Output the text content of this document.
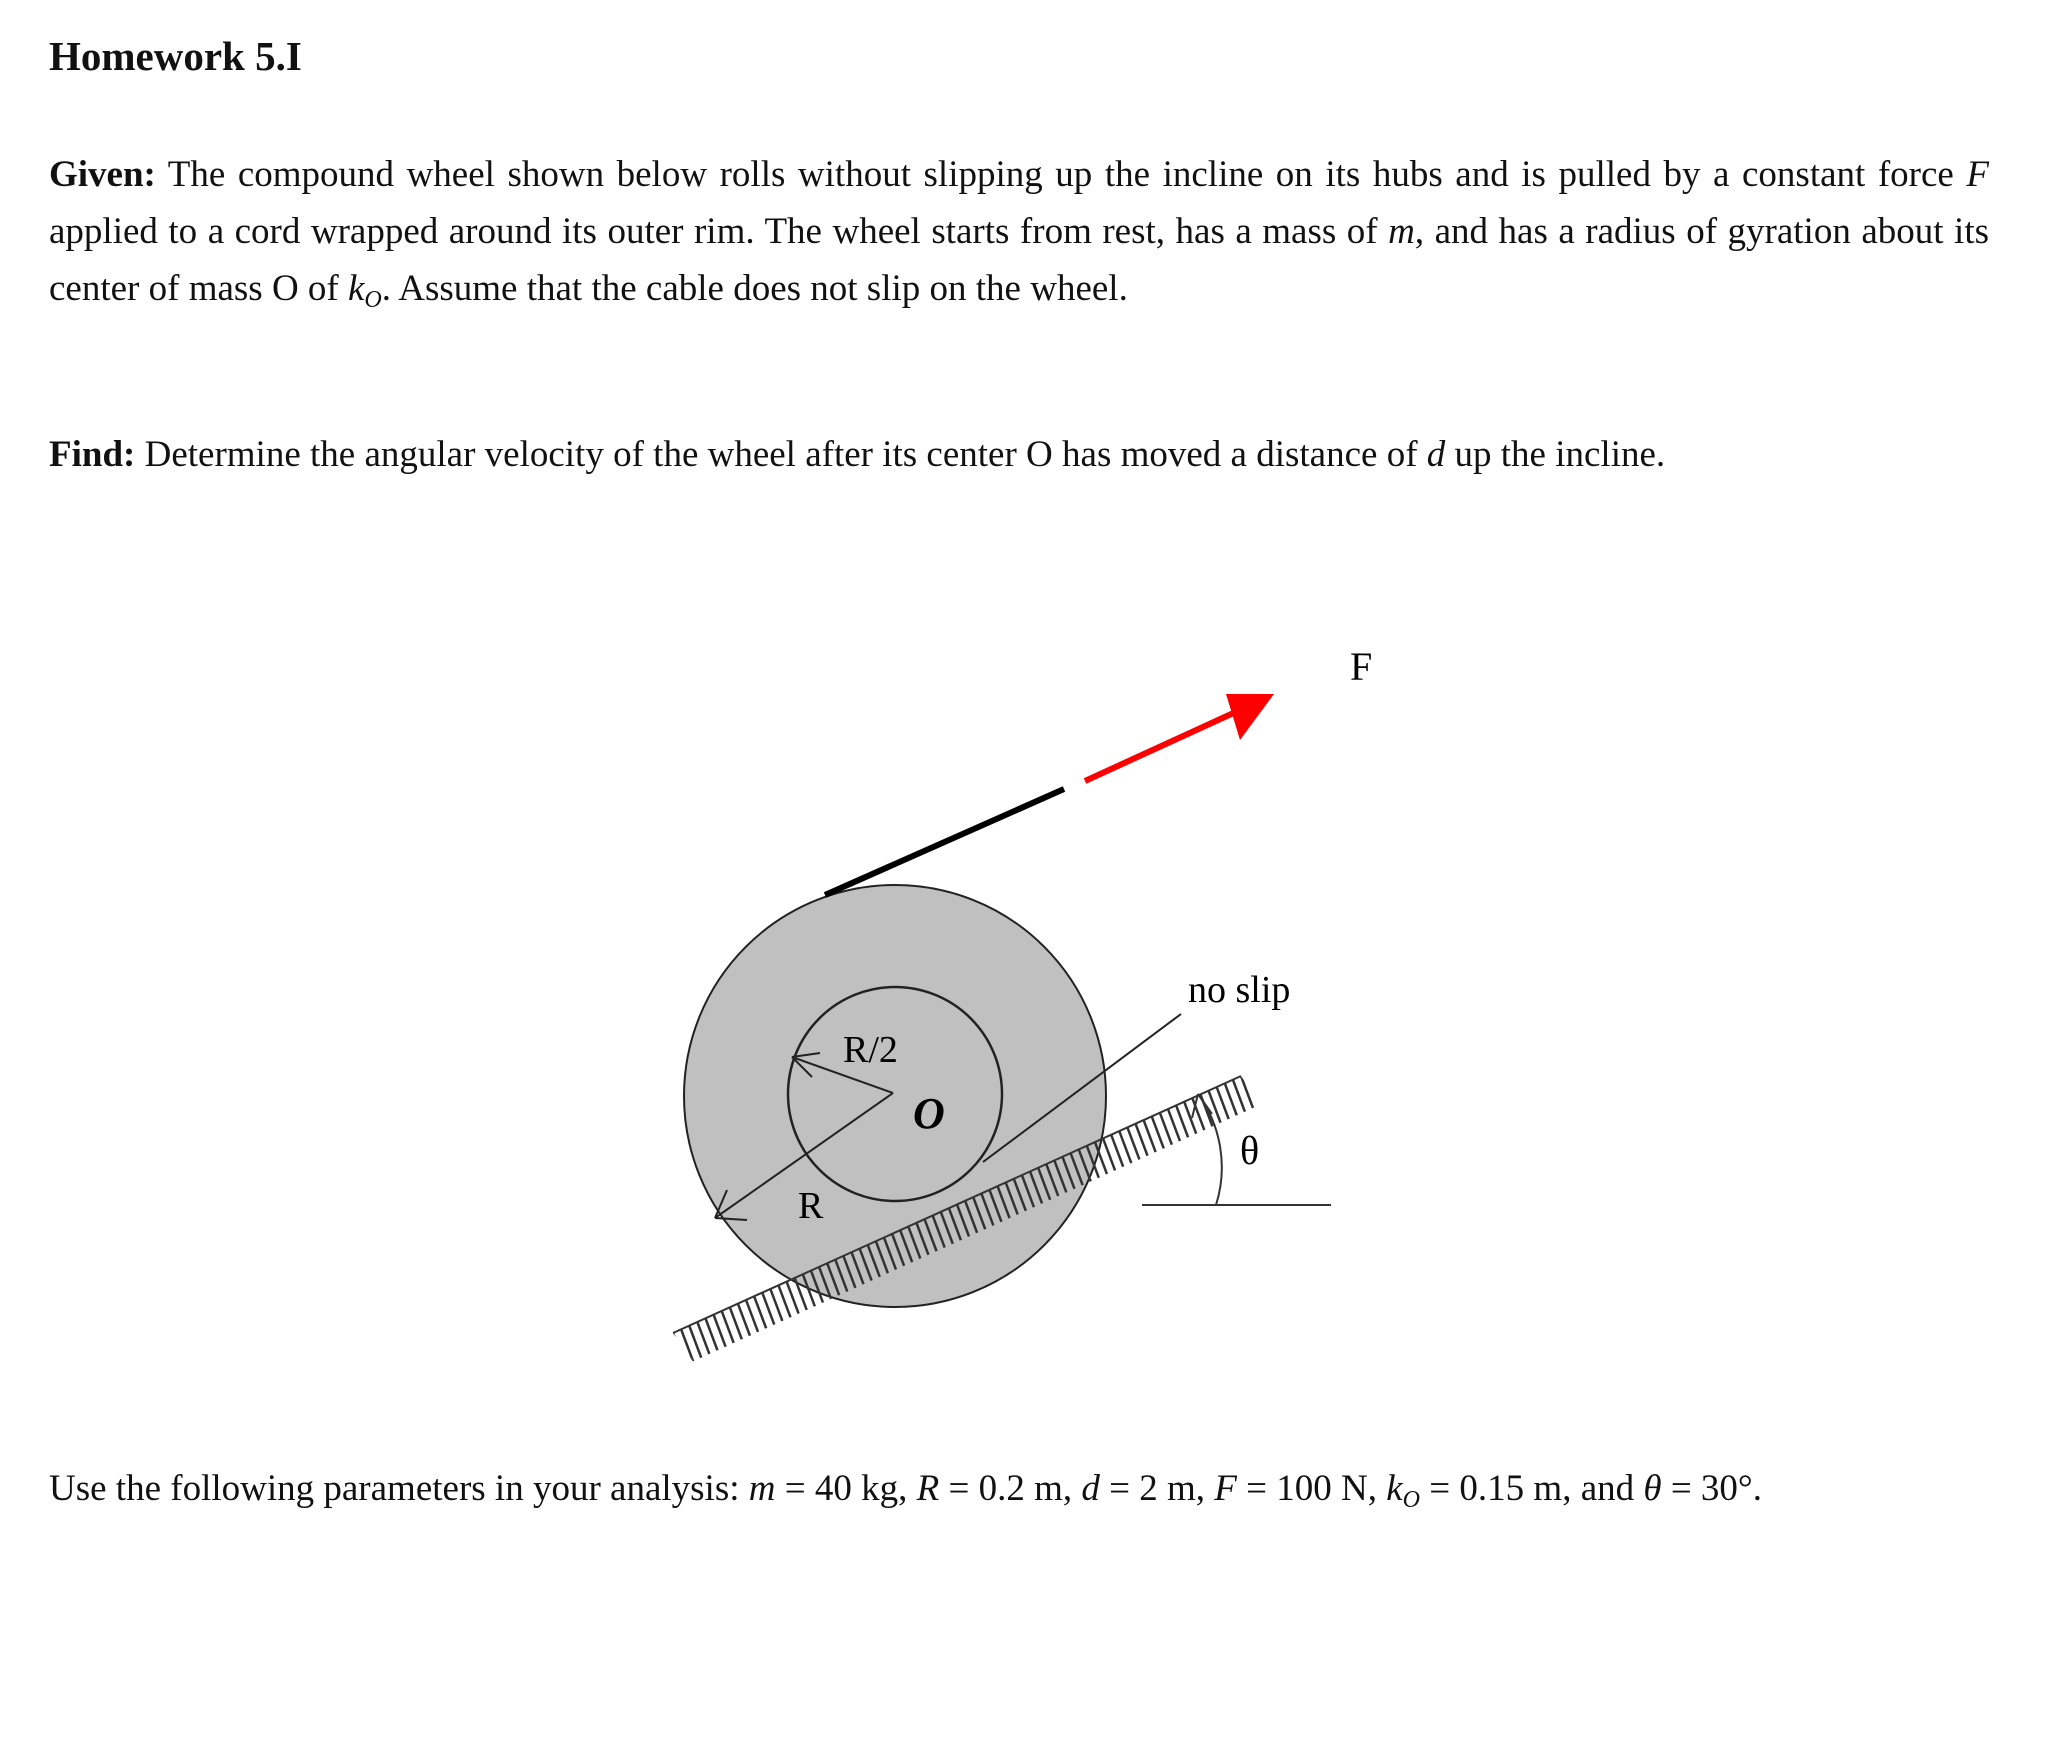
Homework 5.I
Given: The compound wheel shown below rolls without slipping up the incline on its hubs and is pulled by a constant force F applied to a cord wrapped around its outer rim. The wheel starts from rest, has a mass of m, and has a radius of gyration about its center of mass O of $k_O$. Assume that the cable does not slip on the wheel.
Find: Determine the angular velocity of the wheel after its center O has moved a distance of d up the incline.
F
R/2
R
O
no slip
θ
Use the following parameters in your analysis: m = 40 kg, R = 0.2 m, d = 2 m, F = 100 N, $k_O = 0.15$ m, and θ = 30°.
